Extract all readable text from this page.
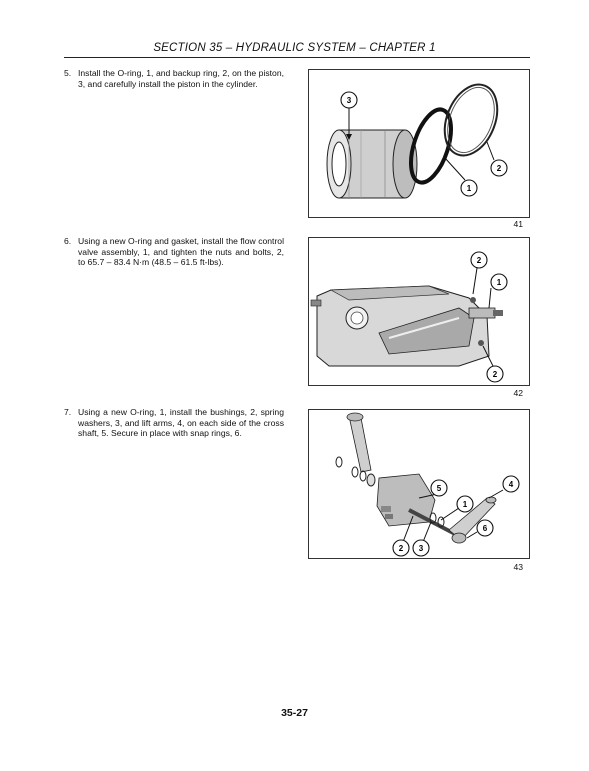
SECTION 35 – HYDRAULIC SYSTEM – CHAPTER 1
5. Install the O-ring, 1, and backup ring, 2, on the piston, 3, and carefully install the piston in the cylinder.
3
1
2
41
6. Using a new O-ring and gasket, install the flow control valve assembly, 1, and tighten the nuts and bolts, 2, to 65.7 – 83.4 N·m (48.5 – 61.5 ft-lbs).	2
1
2
42
7. Using a new O-ring, 1, install the bushings, 2, spring washers, 3, and lift arms, 4, on each side of the cross shaft, 5. Secure in place with snap rings, 6.
4
5
1
6
2 3
43
35-27
